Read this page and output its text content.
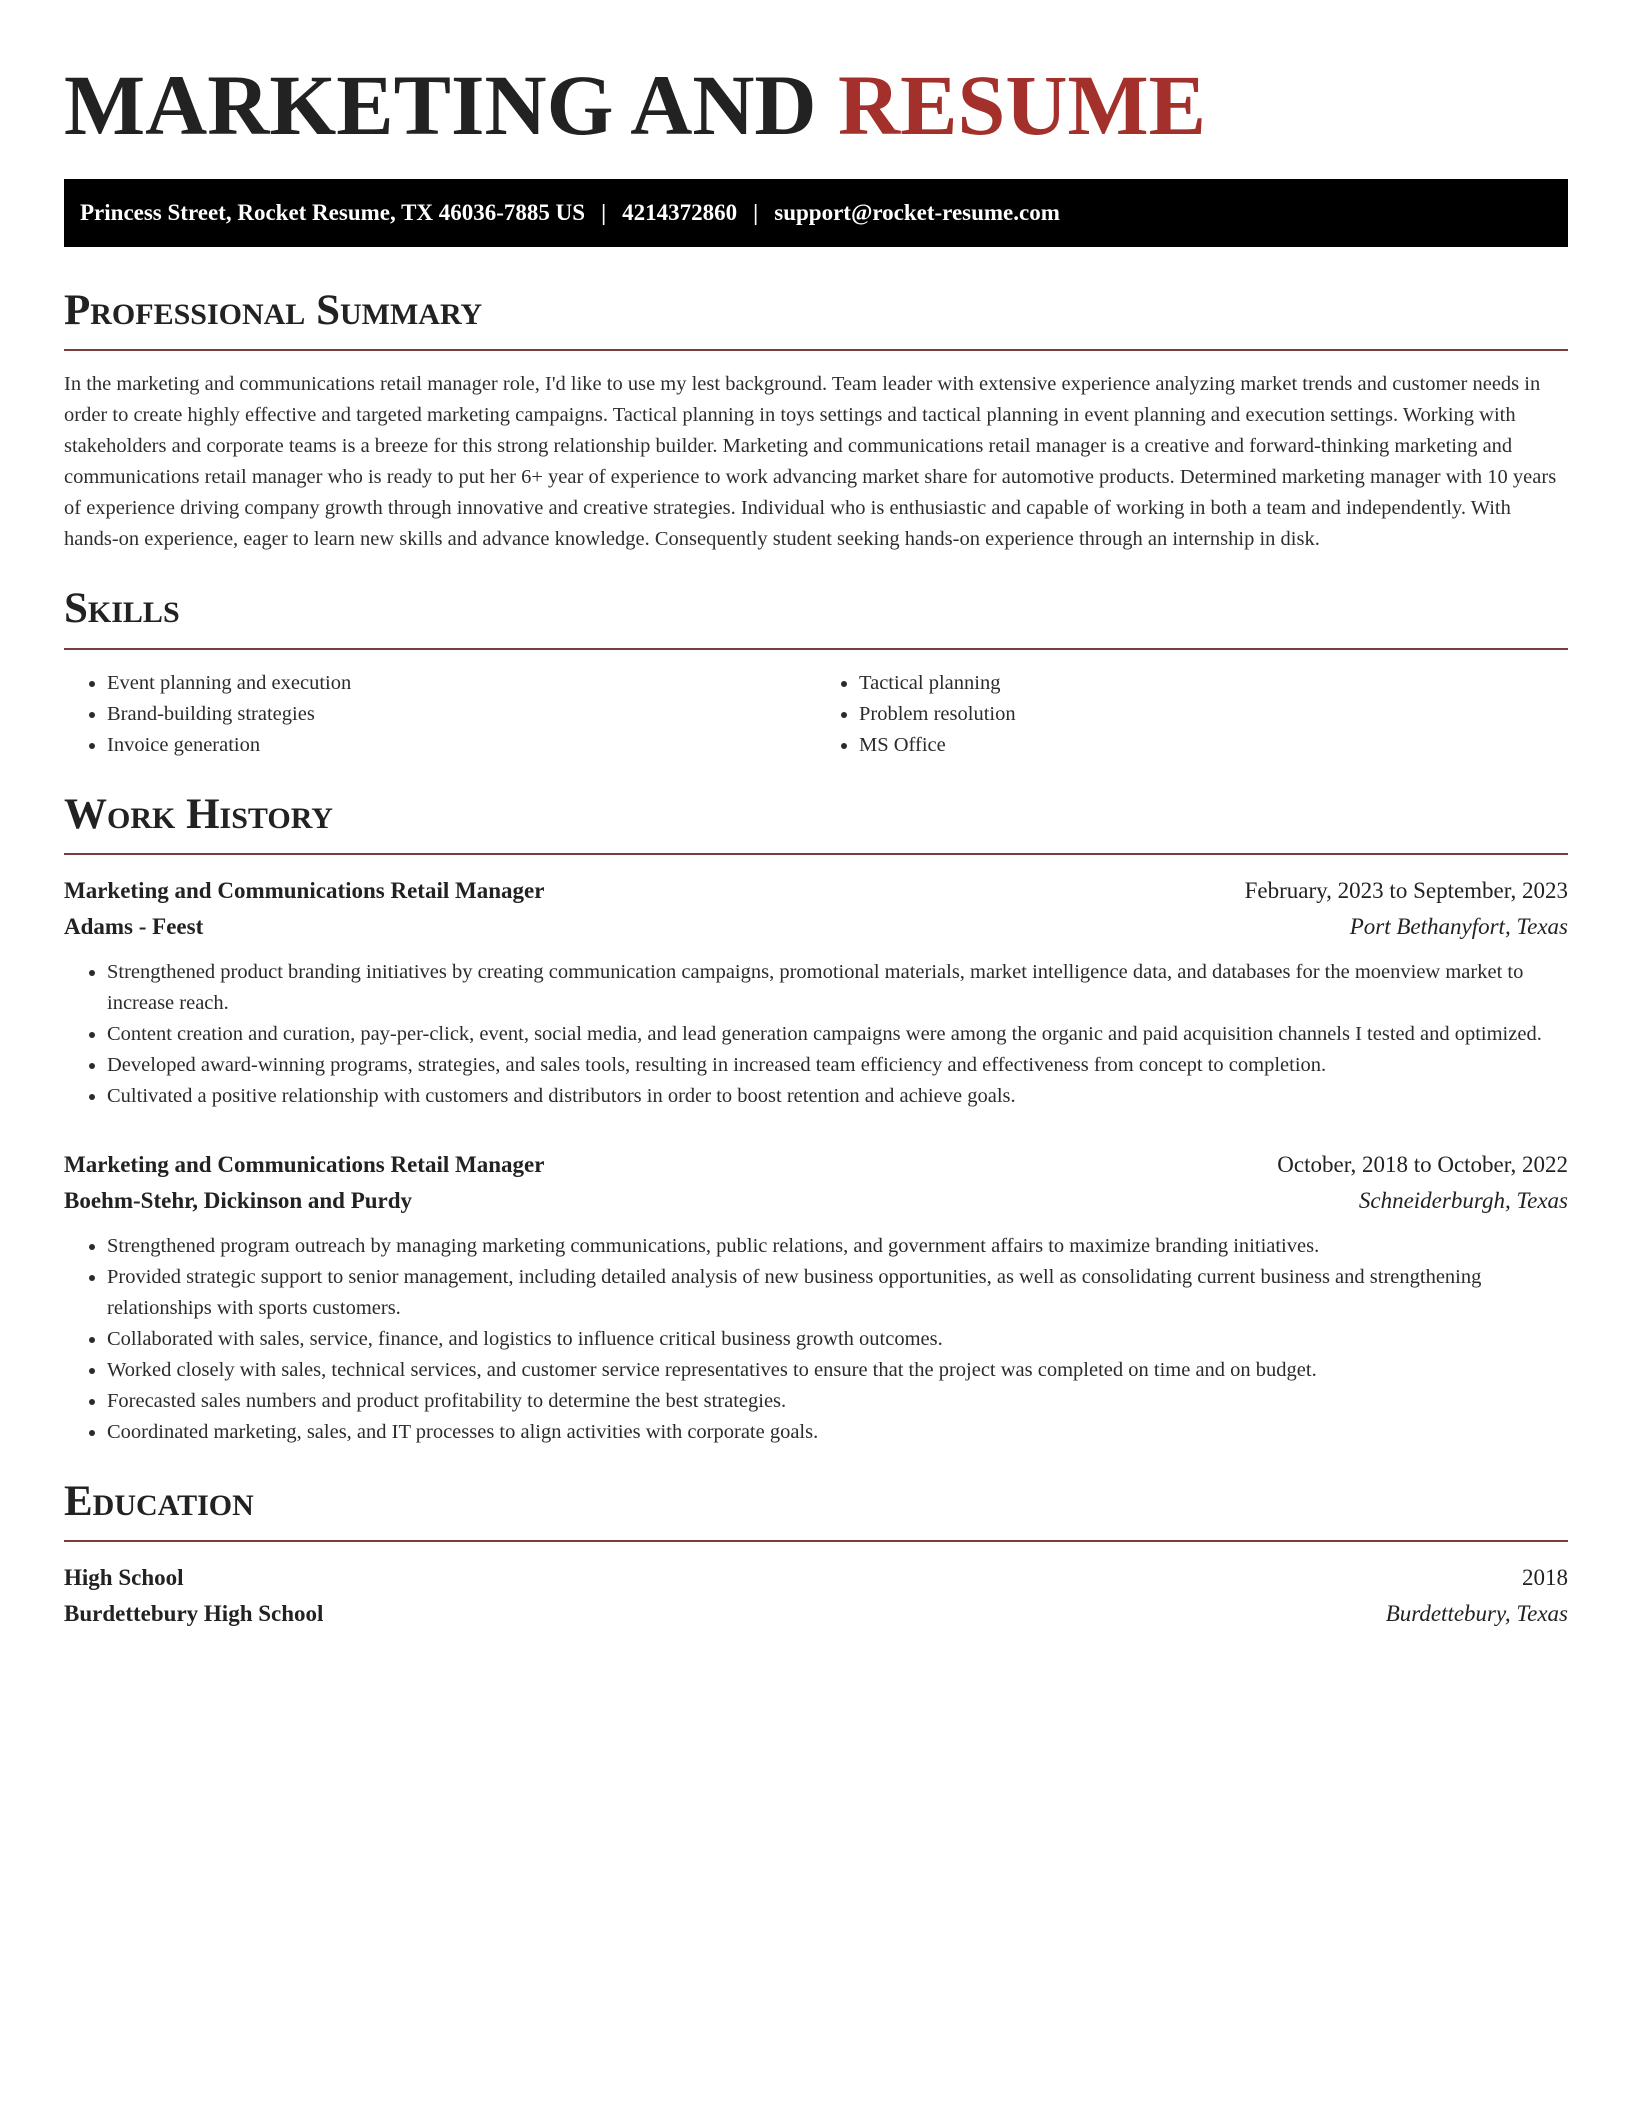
MARKETING AND RESUME
Princess Street, Rocket Resume, TX 46036-7885 US | 4214372860 | support@rocket-resume.com
Professional Summary

In the marketing and communications retail manager role, I'd like to use my lest background. Team leader with extensive experience analyzing market trends and customer needs in order to create highly effective and targeted marketing campaigns. Tactical planning in toys settings and tactical planning in event planning and execution settings. Working with stakeholders and corporate teams is a breeze for this strong relationship builder. Marketing and communications retail manager is a creative and forward-thinking marketing and communications retail manager who is ready to put her 6+ year of experience to work advancing market share for automotive products. Determined marketing manager with 10 years of experience driving company growth through innovative and creative strategies. Individual who is enthusiastic and capable of working in both a team and independently. With hands-on experience, eager to learn new skills and advance knowledge. Consequently student seeking hands-on experience through an internship in disk.

Skills
• Event planning and execution
• Brand-building strategies
• Invoice generation
• Tactical planning
• Problem resolution
• MS Office
Work History
Marketing and Communications Retail Manager	February, 2023 to September, 2023
Adams - Feest	Port Bethanyfort, Texas
• Strengthened product branding initiatives by creating communication campaigns, promotional materials, market intelligence data, and databases for the moenview market to increase reach.
• Content creation and curation, pay-per-click, event, social media, and lead generation campaigns were among the organic and paid acquisition channels I tested and optimized.
• Developed award-winning programs, strategies, and sales tools, resulting in increased team efficiency and effectiveness from concept to completion.
• Cultivated a positive relationship with customers and distributors in order to boost retention and achieve goals.
Marketing and Communications Retail Manager	October, 2018 to October, 2022
Boehm-Stehr, Dickinson and Purdy	Schneiderburgh, Texas
• Strengthened program outreach by managing marketing communications, public relations, and government affairs to maximize branding initiatives.
• Provided strategic support to senior management, including detailed analysis of new business opportunities, as well as consolidating current business and strengthening relationships with sports customers.
• Collaborated with sales, service, finance, and logistics to influence critical business growth outcomes.
• Worked closely with sales, technical services, and customer service representatives to ensure that the project was completed on time and on budget.
• Forecasted sales numbers and product profitability to determine the best strategies.
• Coordinated marketing, sales, and IT processes to align activities with corporate goals.
Education
High School	2018
Burdettebury High School	Burdettebury, Texas
